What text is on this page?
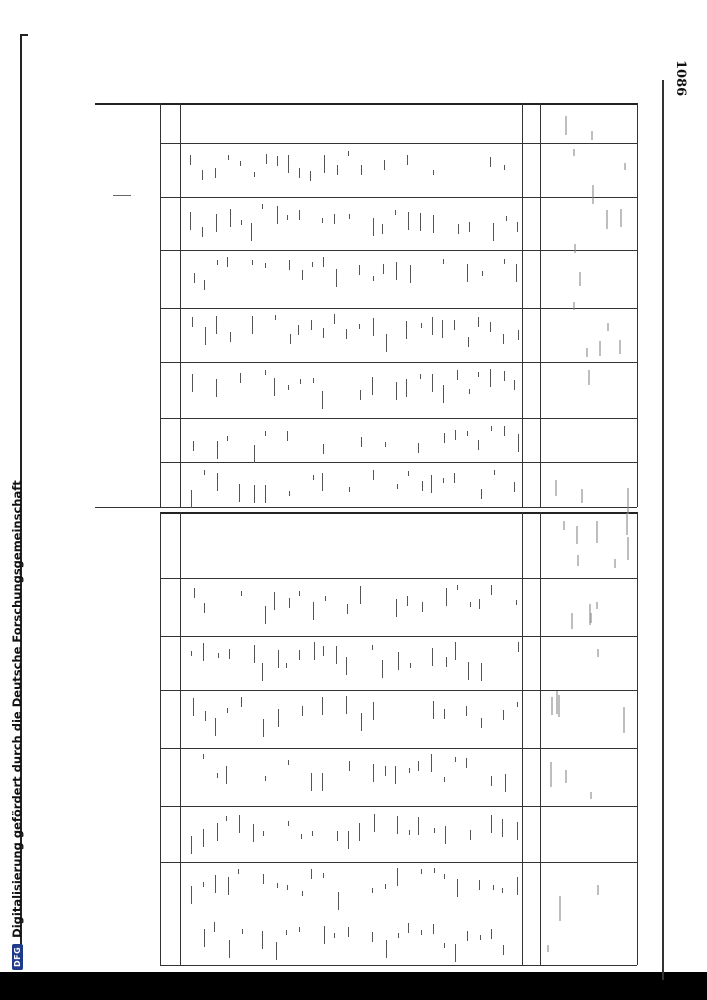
DFG
Digitalisierung gefördert durch die Deutsche Forschungsgemeinschaft
1086
